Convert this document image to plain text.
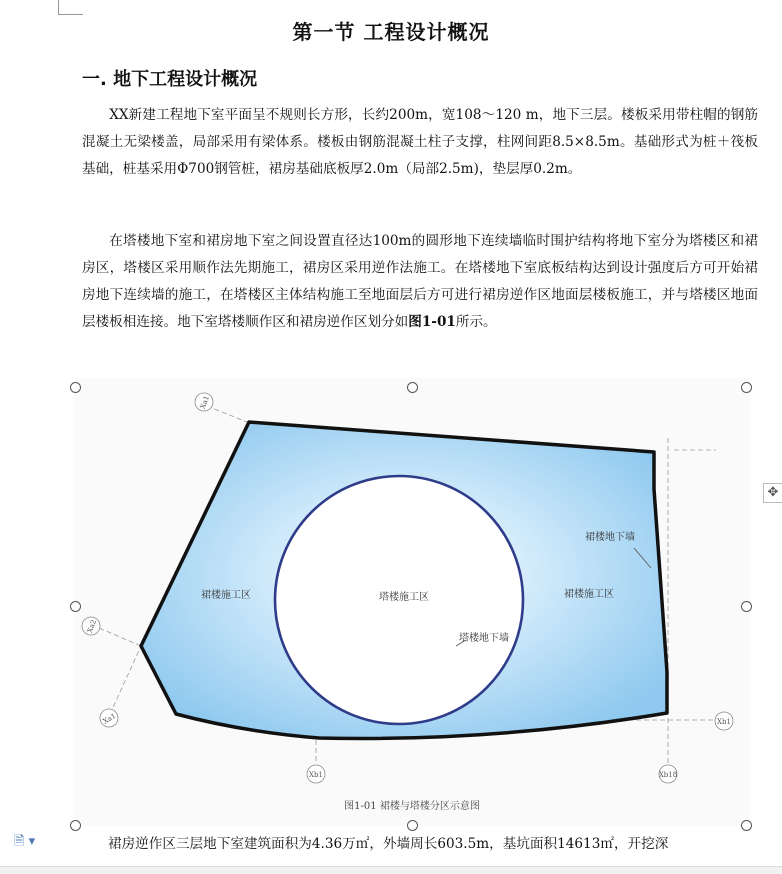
第一节 工程设计概况
一. 地下工程设计概况

XX新建工程地下室平面呈不规则长方形，长约200m，宽108～120 m，地下三层。楼板采用带柱帽的钢筋混凝土无梁楼盖，局部采用有梁体系。楼板由钢筋混凝土柱子支撑，柱网间距8.5×8.5m。基础形式为桩＋筏板基础，桩基采用Φ700钢管桩，裙房基础底板厚2.0m（局部2.5m)，垫层厚0.2m。

在塔楼地下室和裙房地下室之间设置直径达100m的圆形地下连续墙临时围护结构将地下室分为塔楼区和裙房区，塔楼区采用顺作法先期施工，裙房区采用逆作法施工。在塔楼地下室底板结构达到设计强度后方可开始裙房地下连续墙的施工，在塔楼区主体结构施工至地面层后方可进行裙房逆作区地面层楼板施工，并与塔楼区地面层楼板相连接。地下室塔楼顺作区和裙房逆作区划分如图1-01所示。

裙楼施工区	塔楼施工区	裙楼施工区
塔楼地下墙
裙楼地下墙
Xa1
Xa2
Xa1	Xb1
Xb1	Xb18
图1-01 裙楼与塔楼分区示意图
✥
🗎 ▾	裙房逆作区三层地下室建筑面积为4.36万㎡，外墙周长603.5m，基坑面积14613㎡，开挖深
